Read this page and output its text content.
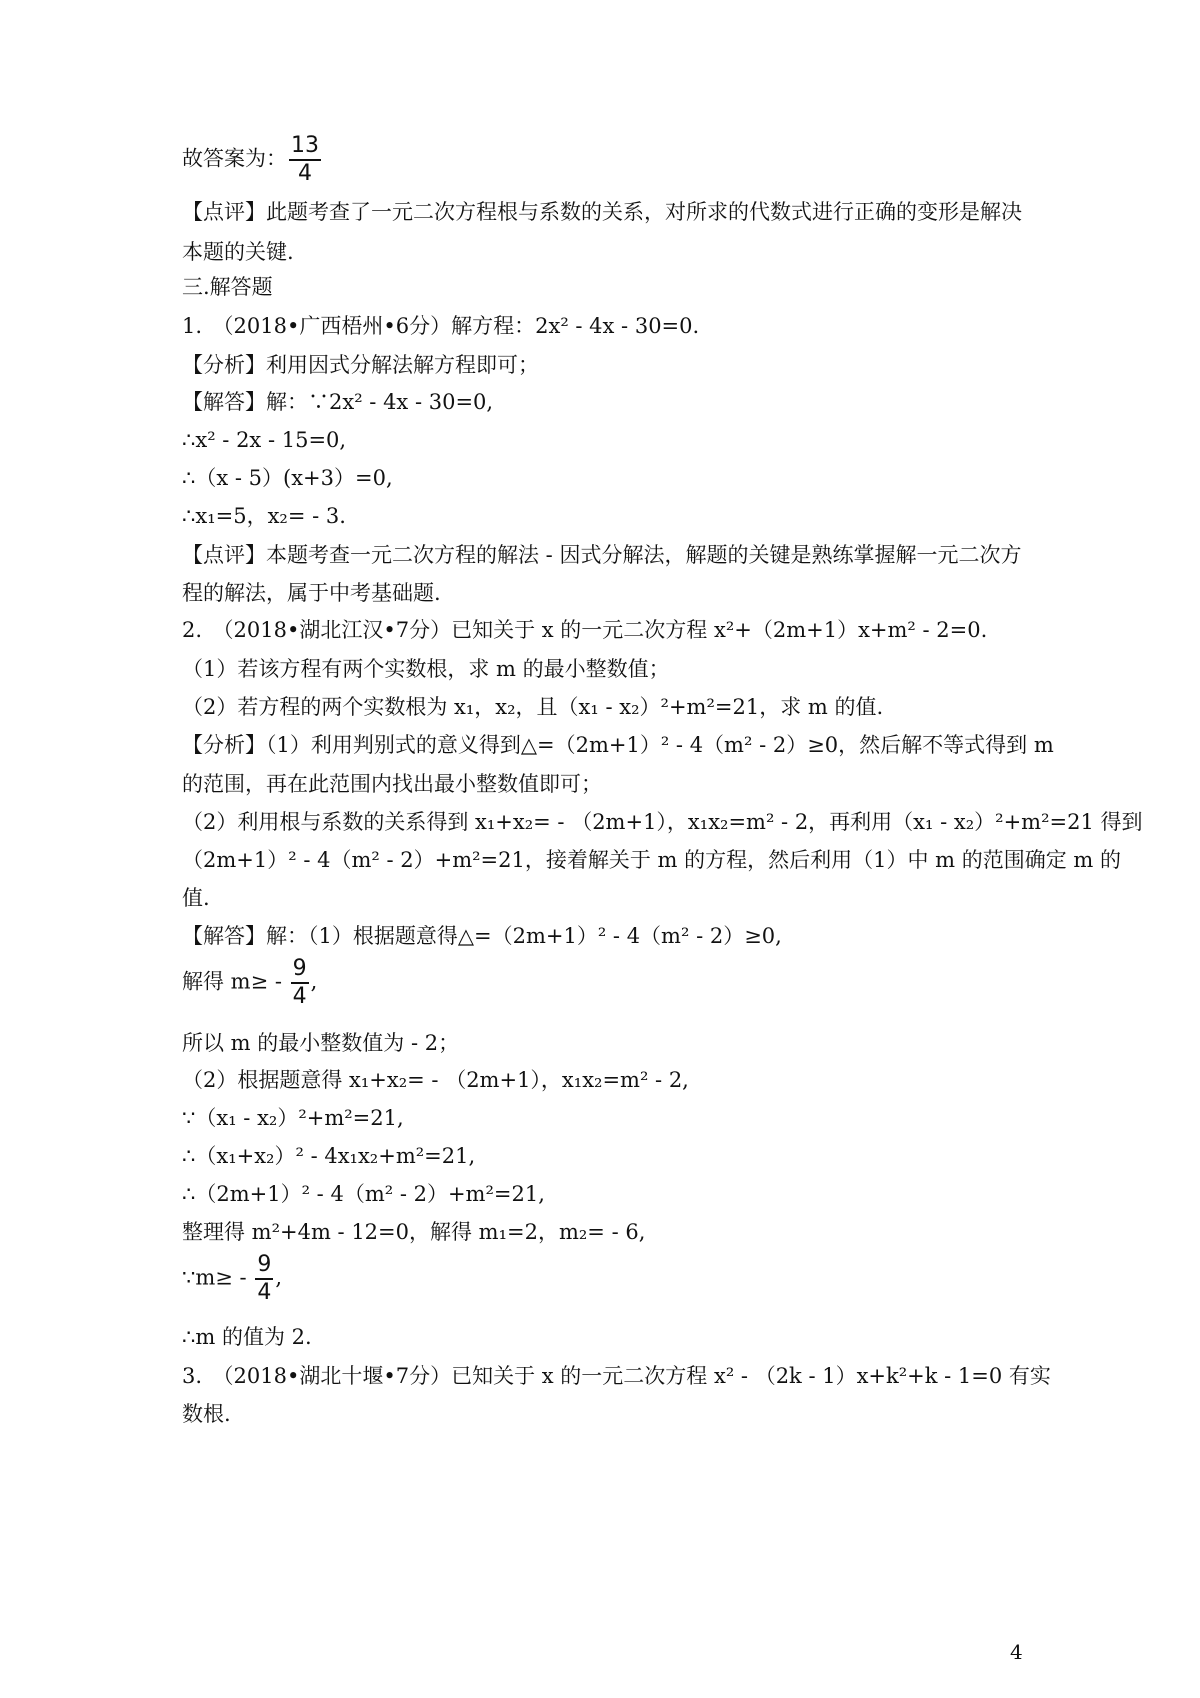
故答案为： $\frac{13}{4}$
【点评】此题考查了一元二次方程根与系数的关系，对所求的代数式进行正确的变形是解决
本题的关键.
三.解答题
1.　（2018•广西梧州•6分）解方程：2x² - 4x - 30=0.
【分析】利用因式分解法解方程即可；
【解答】解：∵2x² - 4x - 30=0,
∴x² - 2x - 15=0,
∴（x - 5）(x+3）=0,
∴x₁=5，x₂= - 3.
【点评】本题考查一元二次方程的解法 - 因式分解法，解题的关键是熟练掌握解一元二次方
程的解法，属于中考基础题.
2.　（2018•湖北江汉•7分）已知关于 x 的一元二次方程 x²+（2m+1）x+m² - 2=0.
（1）若该方程有两个实数根，求 m 的最小整数值；
（2）若方程的两个实数根为 x₁，x₂，且（x₁ - x₂）²+m²=21，求 m 的值.
【分析】（1）利用判别式的意义得到△=（2m+1）² - 4（m² - 2）≥0，然后解不等式得到 m
的范围，再在此范围内找出最小整数值即可；
（2）利用根与系数的关系得到 x₁+x₂= - （2m+1），x₁x₂=m² - 2，再利用（x₁ - x₂）²+m²=21 得到
（2m+1）² - 4（m² - 2）+m²=21，接着解关于 m 的方程，然后利用（1）中 m 的范围确定 m 的
值.
【解答】解：（1）根据题意得△=（2m+1）² - 4（m² - 2）≥0,
解得 $m\ge - \frac{9}{4}$ ,
所以 m 的最小整数值为 - 2；
（2）根据题意得 x₁+x₂= - （2m+1），x₁x₂=m² - 2,
∵（x₁ - x₂）²+m²=21,
∴（x₁+x₂）² - 4x₁x₂+m²=21,
∴（2m+1）² - 4（m² - 2）+m²=21,
整理得 m²+4m - 12=0，解得 m₁=2，m₂= - 6,
∵m≥ - $\frac{9}{4}$ ,
∴m 的值为 2.
3.　（2018•湖北十堰•7分）已知关于 x 的一元二次方程 x² - （2k - 1）x+k²+k - 1=0 有实
数根.
4
